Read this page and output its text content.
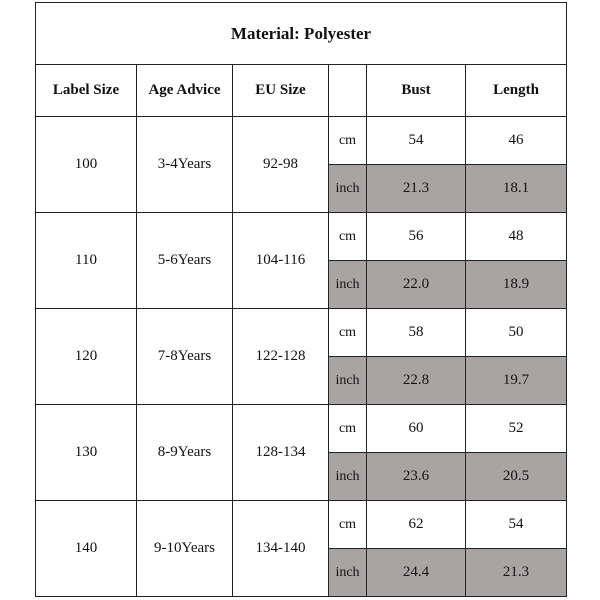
Material: Polyester					
Label Size	Age Advice	EU Size		Bust	Length
100	3-4Years	92-98	cm	54	46
			inch	21.3	18.1
110	5-6Years	104-116	cm	56	48
			inch	22.0	18.9
120	7-8Years	122-128	cm	58	50
			inch	22.8	19.7
130	8-9Years	128-134	cm	60	52
			inch	23.6	20.5
140	9-10Years	134-140	cm	62	54
			inch	24.4	21.3
